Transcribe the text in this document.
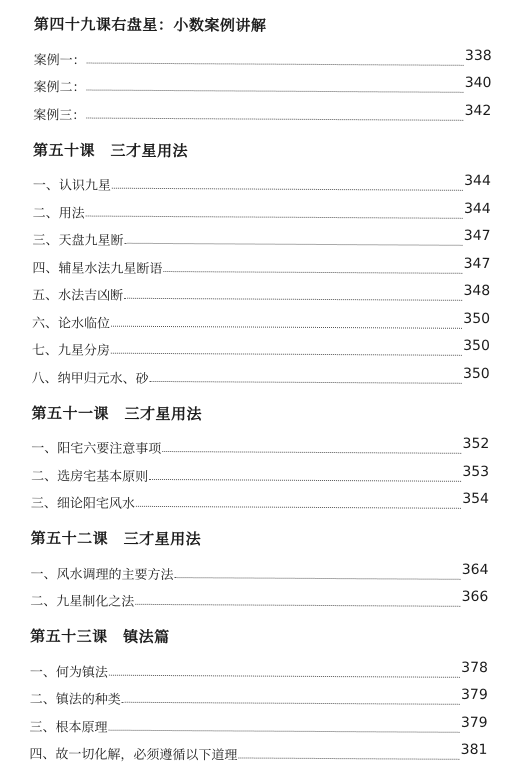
第四十九课右盘星：小数案例讲解
案例一：	338
案例二：	340
案例三：	342
第五十课　三才星用法
一、认识九星	344
二、用法	344
三、天盘九星断	347
四、辅星水法九星断语	347
五、水法吉凶断	348
六、论水临位	350
七、九星分房	350
八、纳甲归元水、砂	350
第五十一课　三才星用法
一、阳宅六要注意事项	352
二、选房宅基本原则	353
三、细论阳宅风水	354
第五十二课　三才星用法
一、风水调理的主要方法	364
二、九星制化之法	366
第五十三课　镇法篇
一、何为镇法	378
二、镇法的种类	379
三、根本原理	379
四、故一切化解，必须遵循以下道理	381
